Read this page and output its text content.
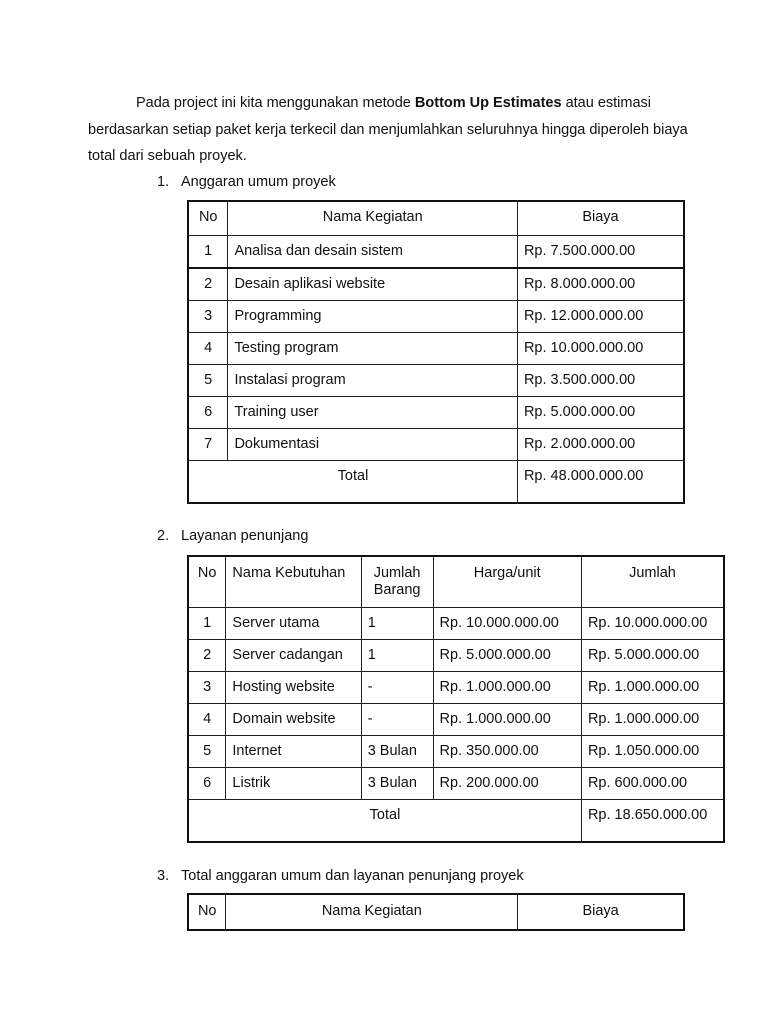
Pada project ini kita menggunakan metode Bottom Up Estimates atau estimasi berdasarkan setiap paket kerja terkecil dan menjumlahkan seluruhnya hingga diperoleh biaya total dari sebuah proyek.
1. Anggaran umum proyek
No	Nama Kegiatan	Biaya
1	Analisa dan desain sistem	Rp. 7.500.000.00
2	Desain aplikasi website	Rp. 8.000.000.00
3	Programming	Rp. 12.000.000.00
4	Testing program	Rp. 10.000.000.00
5	Instalasi program	Rp. 3.500.000.00
6	Training user	Rp. 5.000.000.00
7	Dokumentasi	Rp. 2.000.000.00
Total		Rp. 48.000.000.00
2. Layanan penunjang
No	Nama Kebutuhan	Jumlah Barang	Harga/unit	Jumlah
1	Server utama	1	Rp. 10.000.000.00	Rp. 10.000.000.00
2	Server cadangan	1	Rp. 5.000.000.00	Rp. 5.000.000.00
3	Hosting website	-	Rp. 1.000.000.00	Rp. 1.000.000.00
4	Domain website	-	Rp. 1.000.000.00	Rp. 1.000.000.00
5	Internet	3 Bulan	Rp. 350.000.00	Rp. 1.050.000.00
6	Listrik	3 Bulan	Rp. 200.000.00	Rp. 600.000.00
Total				Rp. 18.650.000.00
3. Total anggaran umum dan layanan penunjang proyek
No	Nama Kegiatan	Biaya
